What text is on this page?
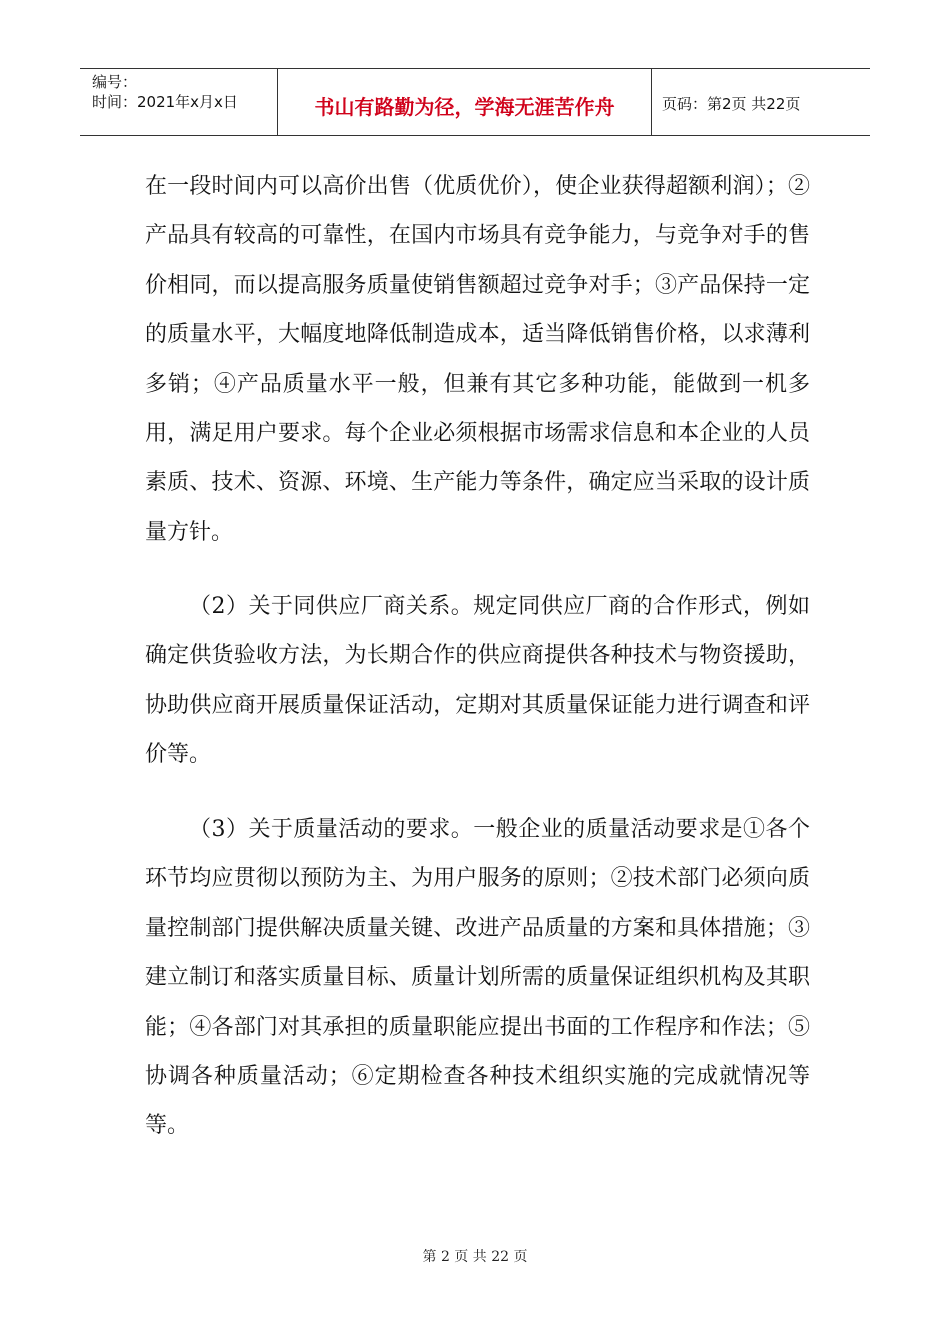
编号：
时间：2021年x月x日	书山有路勤为径，学海无涯苦作舟	页码：第2页 共22页

在一段时间内可以高价出售（优质优价），使企业获得超额利润）；②产品具有较高的可靠性，在国内市场具有竞争能力，与竞争对手的售价相同，而以提高服务质量使销售额超过竞争对手；③产品保持一定的质量水平，大幅度地降低制造成本，适当降低销售价格，以求薄利多销；④产品质量水平一般，但兼有其它多种功能，能做到一机多用，满足用户要求。每个企业必须根据市场需求信息和本企业的人员素质、技术、资源、环境、生产能力等条件，确定应当采取的设计质量方针。

（2）关于同供应厂商关系。规定同供应厂商的合作形式，例如确定供货验收方法，为长期合作的供应商提供各种技术与物资援助，协助供应商开展质量保证活动，定期对其质量保证能力进行调查和评价等。

（3）关于质量活动的要求。一般企业的质量活动要求是①各个环节均应贯彻以预防为主、为用户服务的原则；②技术部门必须向质量控制部门提供解决质量关键、改进产品质量的方案和具体措施；③建立制订和落实质量目标、质量计划所需的质量保证组织机构及其职能；④各部门对其承担的质量职能应提出书面的工作程序和作法；⑤协调各种质量活动；⑥定期检查各种技术组织实施的完成就情况等等。

第 2 页 共 22 页
